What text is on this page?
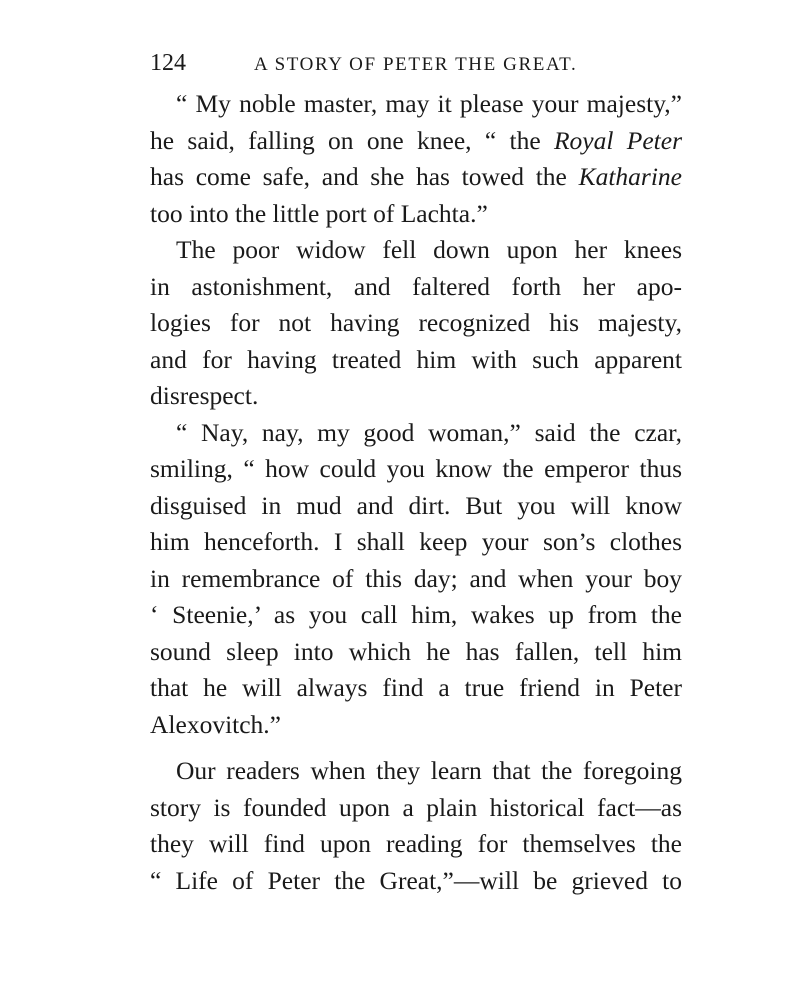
124	A STORY OF PETER THE GREAT.
“ My noble master, may it please your majesty,”
he said, falling on one knee, “ the Royal Peter
has come safe, and she has towed the Katharine
too into the little port of Lachta.”
The poor widow fell down upon her knees
in astonishment, and faltered forth her apo-
logies for not having recognized his majesty,
and for having treated him with such apparent
disrespect.
“ Nay, nay, my good woman,” said the czar,
smiling, “ how could you know the emperor thus
disguised in mud and dirt. But you will know
him henceforth. I shall keep your son’s clothes
in remembrance of this day; and when your boy
‘ Steenie,’ as you call him, wakes up from the
sound sleep into which he has fallen, tell him
that he will always find a true friend in Peter
Alexovitch.”
Our readers when they learn that the foregoing
story is founded upon a plain historical fact—as
they will find upon reading for themselves the
“ Life of Peter the Great,”—will be grieved to
